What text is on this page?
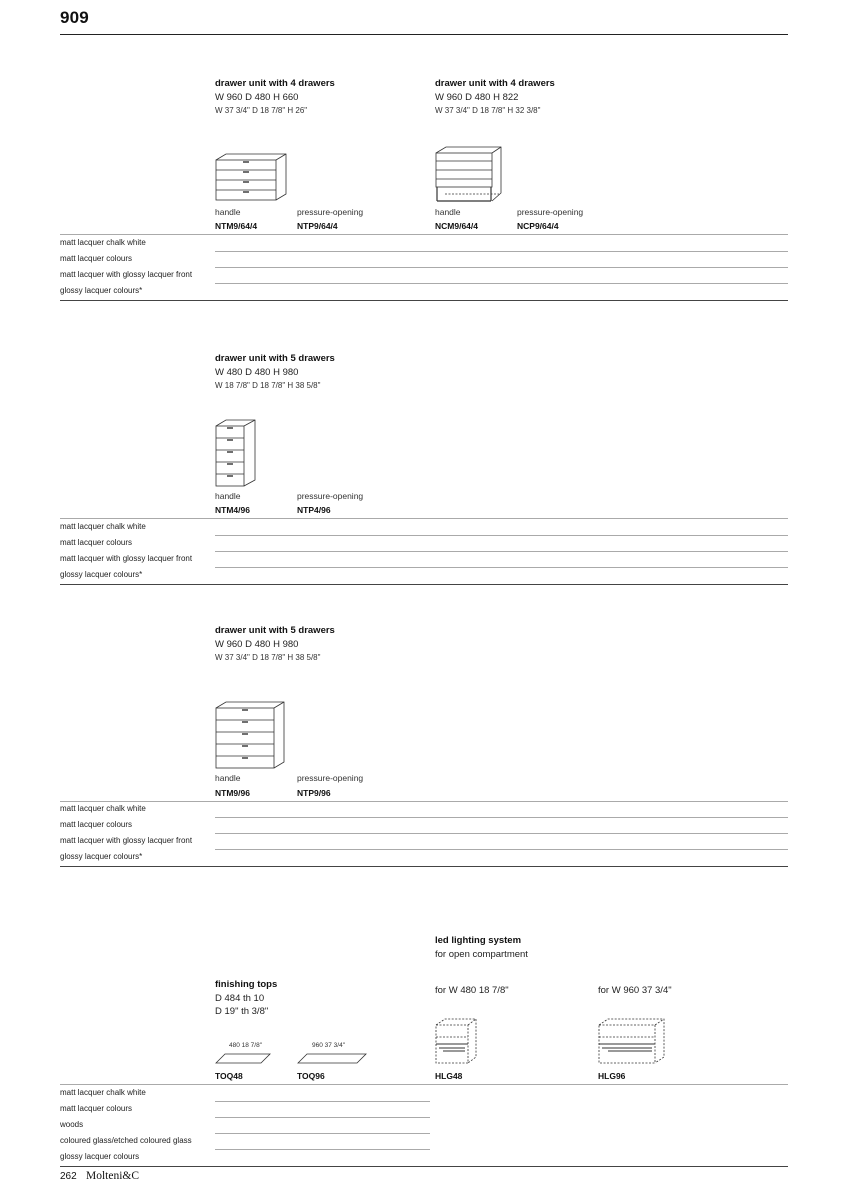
909
drawer unit with 4 drawers
W 960 D 480 H 660
W 37 3/4" D 18 7/8" H 26"
drawer unit with 4 drawers
W 960 D 480 H 822
W 37 3/4" D 18 7/8" H 32 3/8"
handle	pressure-opening	handle	pressure-opening
NTM9/64/4	NTP9/64/4	NCM9/64/4	NCP9/64/4
matt lacquer chalk white
matt lacquer colours
matt lacquer with glossy lacquer front
glossy lacquer colours*
drawer unit with 5 drawers
W 480 D 480 H 980
W 18 7/8" D 18 7/8" H 38 5/8"
handle	pressure-opening
NTM4/96	NTP4/96
matt lacquer chalk white
matt lacquer colours
matt lacquer with glossy lacquer front
glossy lacquer colours*
drawer unit with 5 drawers
W 960 D 480 H 980
W 37 3/4" D 18 7/8" H 38 5/8"
handle	pressure-opening
NTM9/96	NTP9/96
matt lacquer chalk white
matt lacquer colours
matt lacquer with glossy lacquer front
glossy lacquer colours*
led lighting system
for open compartment
for W 480 18 7/8"	for W 960 37 3/4"
finishing tops
D 484 th 10
D 19" th 3/8"
480 18 7/8"	960 37 3/4"
TOQ48	TOQ96	HLG48	HLG96
matt lacquer chalk white
matt lacquer colours
woods
coloured glass/etched coloured glass
glossy lacquer colours
262 Molteni&C
